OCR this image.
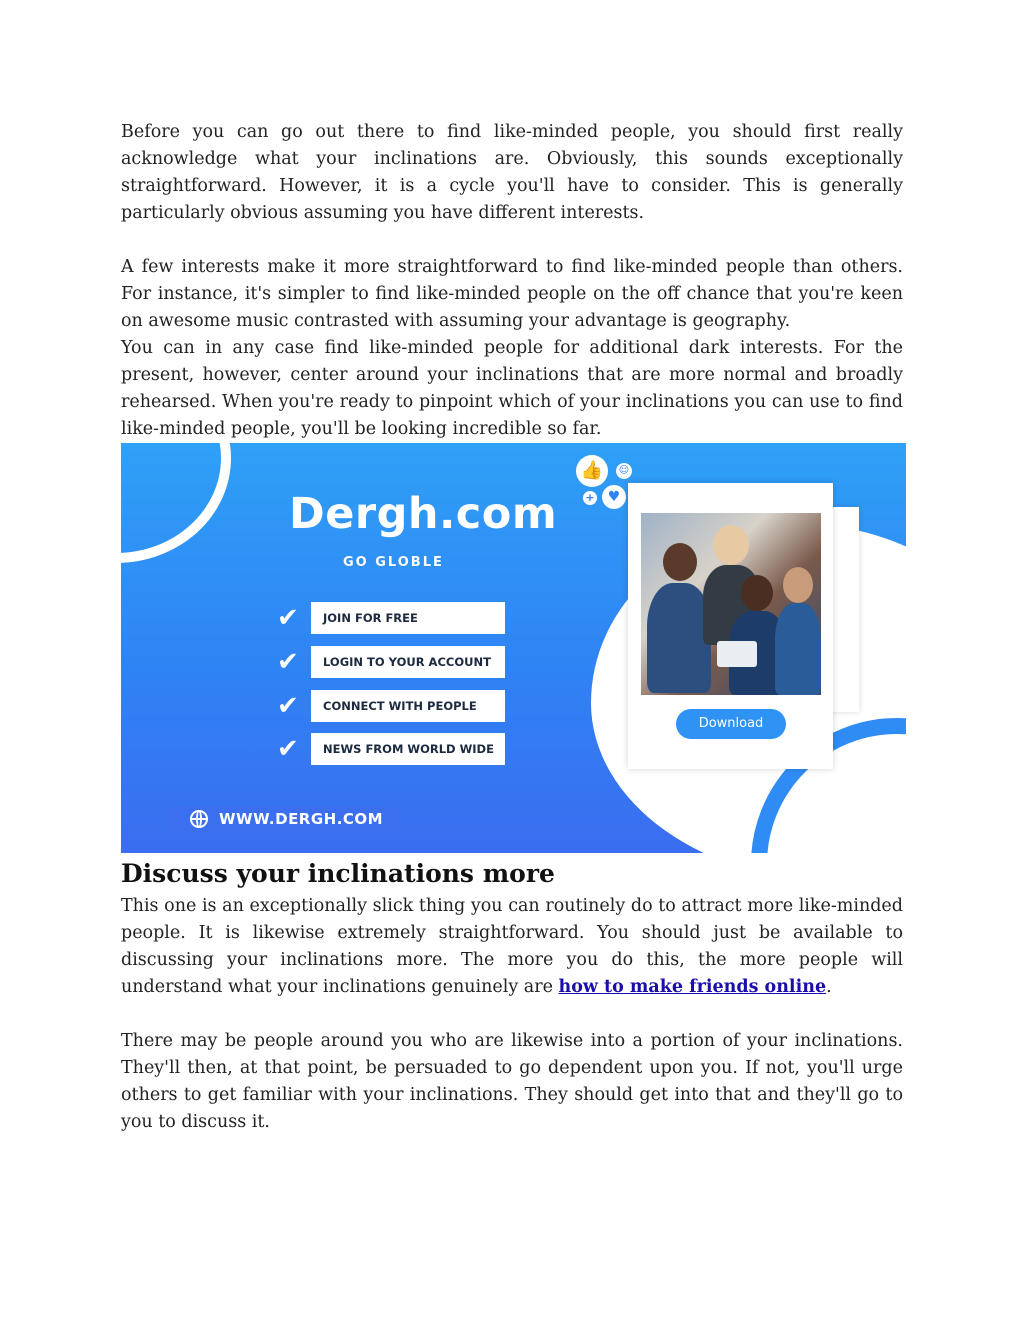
Before you can go out there to find like-minded people, you should first really acknowledge what your inclinations are. Obviously, this sounds exceptionally straightforward. However, it is a cycle you'll have to consider. This is generally particularly obvious assuming you have different interests.

A few interests make it more straightforward to find like-minded people than others. For instance, it's simpler to find like-minded people on the off chance that you're keen on awesome music contrasted with assuming your advantage is geography.

You can in any case find like-minded people for additional dark interests. For the present, however, center around your inclinations that are more normal and broadly rehearsed. When you're ready to pinpoint which of your inclinations you can use to find like-minded people, you'll be looking incredible so far.

Dergh.com
GO GLOBLE
✔	JOIN FOR FREE
✔	LOGIN TO YOUR ACCOUNT
✔	CONNECT WITH PEOPLE
✔	NEWS FROM WORLD WIDE
WWW.DERGH.COM
👍	☺
+ ♥
Download
Discuss your inclinations more

This one is an exceptionally slick thing you can routinely do to attract more like-minded people. It is likewise extremely straightforward. You should just be available to discussing your inclinations more. The more you do this, the more people will understand what your inclinations genuinely are how to make friends online.

There may be people around you who are likewise into a portion of your inclinations. They'll then, at that point, be persuaded to go dependent upon you. If not, you'll urge others to get familiar with your inclinations. They should get into that and they'll go to you to discuss it.
